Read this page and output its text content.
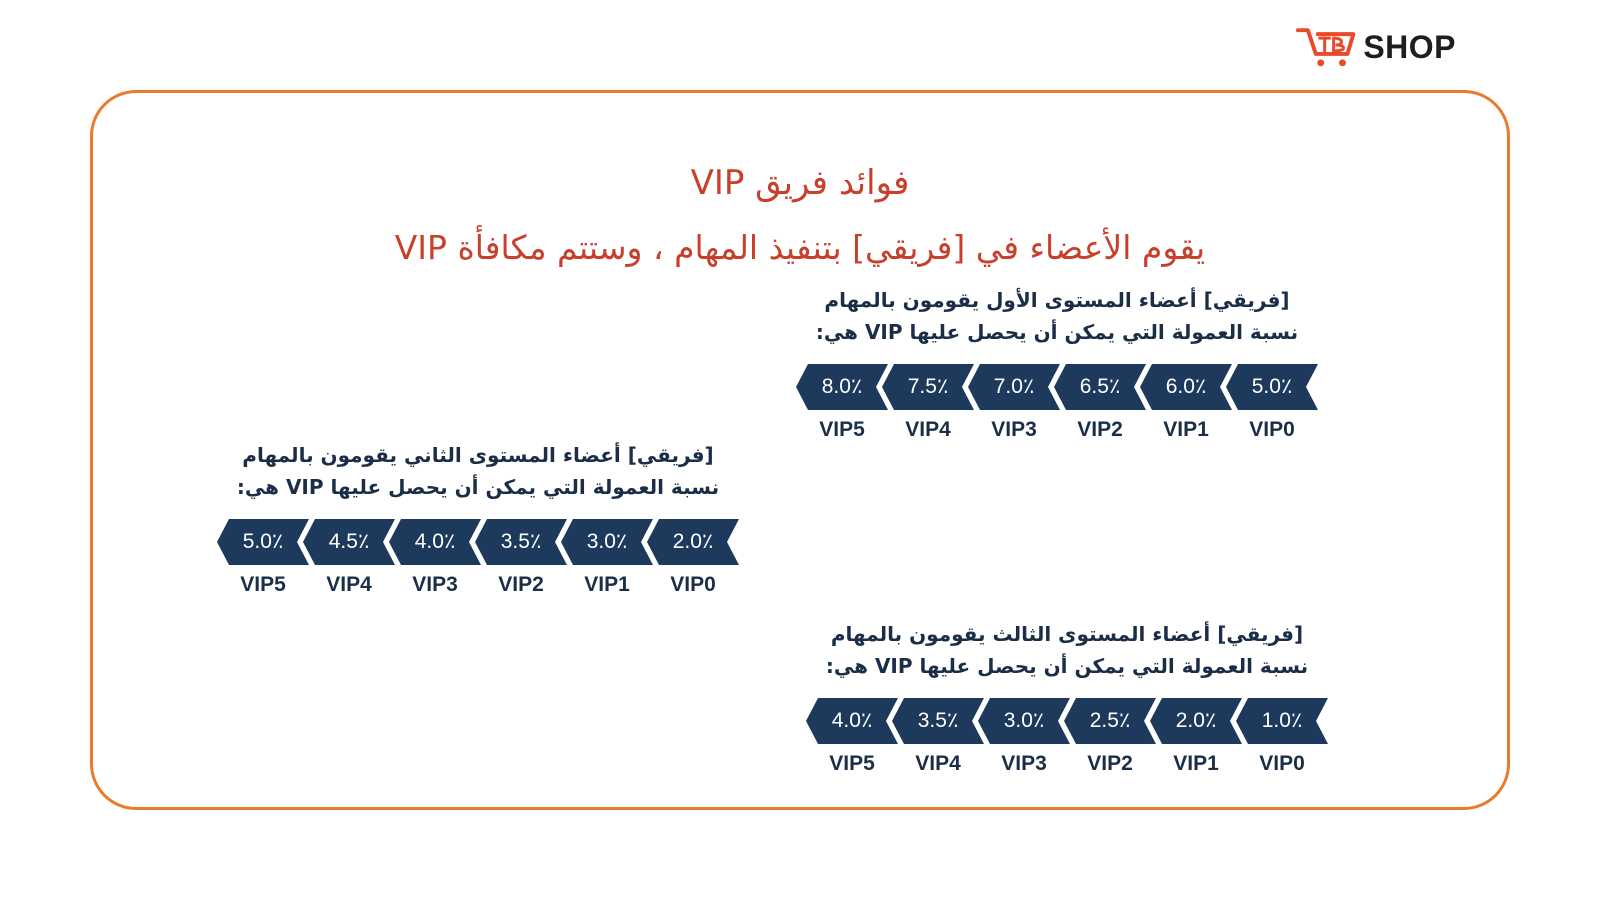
SHOP
فوائد فريق VIP
يقوم الأعضاء في [فريقي] بتنفيذ المهام ، وستتم مكافأة VIP
[فريقي] أعضاء المستوى الأول يقومون بالمهام
نسبة العمولة التي يمكن أن يحصل عليها VIP هي:
8.0٪	7.5٪	7.0٪	6.5٪	6.0٪	5.0٪
VIP5	VIP4	VIP3	VIP2	VIP1	VIP0
[فريقي] أعضاء المستوى الثاني يقومون بالمهام
نسبة العمولة التي يمكن أن يحصل عليها VIP هي:
5.0٪	4.5٪	4.0٪	3.5٪	3.0٪	2.0٪
VIP5	VIP4	VIP3	VIP2	VIP1	VIP0
[فريقي] أعضاء المستوى الثالث يقومون بالمهام
نسبة العمولة التي يمكن أن يحصل عليها VIP هي:
4.0٪	3.5٪	3.0٪	2.5٪	2.0٪	1.0٪
VIP5	VIP4	VIP3	VIP2	VIP1	VIP0
